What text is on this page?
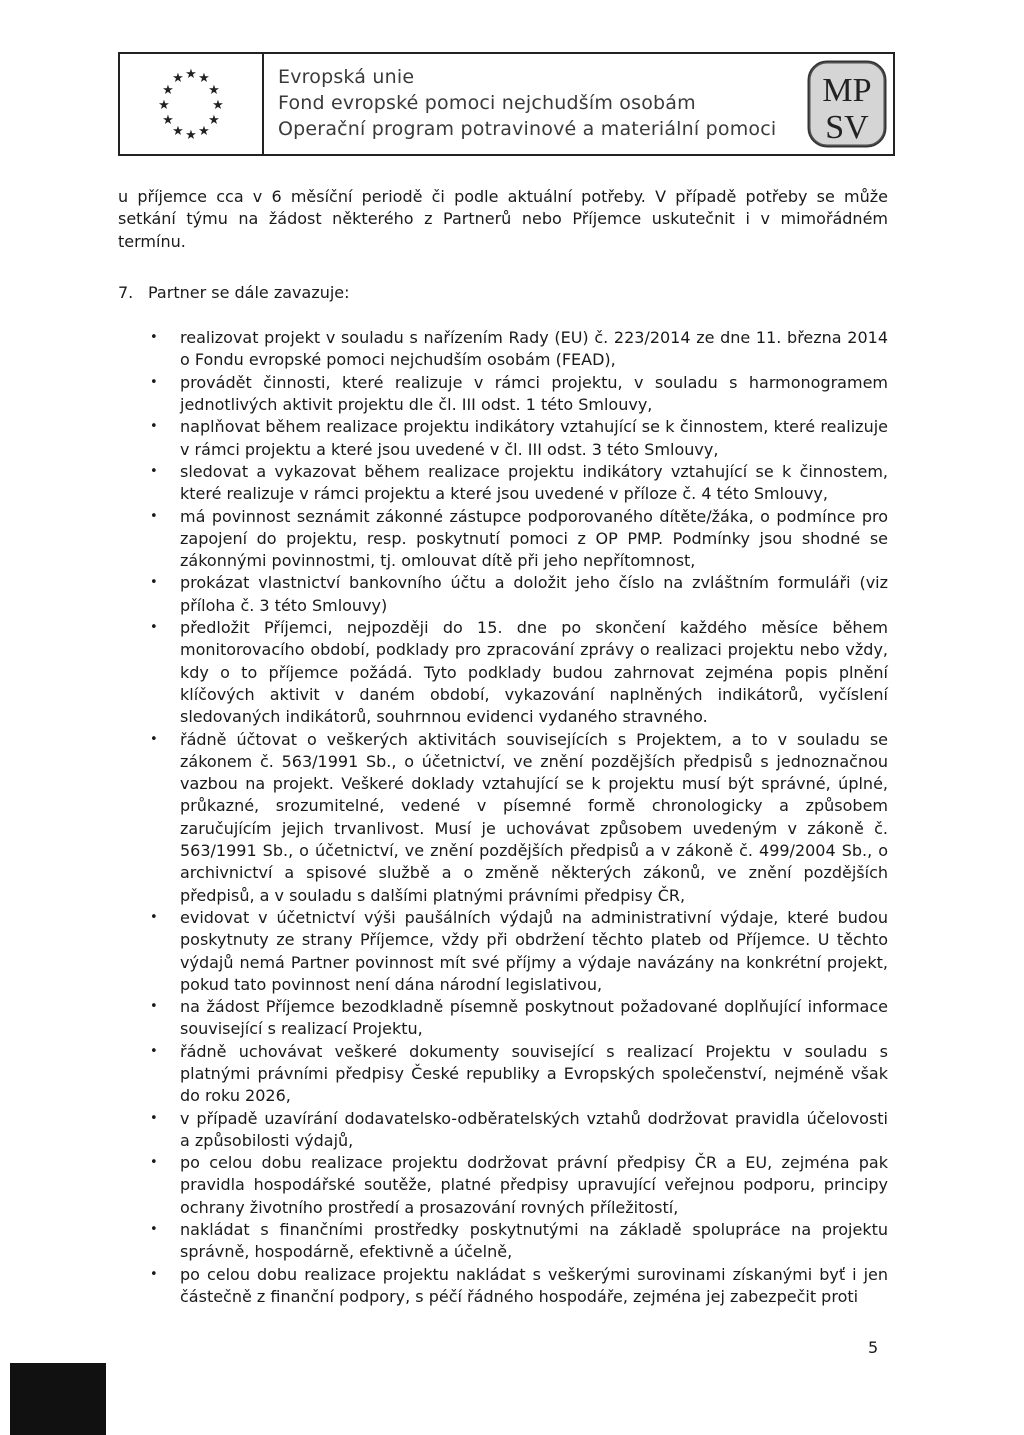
★ ★
★
★
★
★
★
★
★
★
★ ★
Evropská unie
Fond evropské pomoci nejchudším osobám
Operační program potravinové a materiální pomoci
MP
SV

u příjemce cca v 6 měsíční periodě či podle aktuální potřeby. V případě potřeby se může setkání týmu na žádost některého z Partnerů nebo Příjemce uskutečnit i v mimořádném termínu.

7. Partner se dále zavazuje:
• realizovat projekt v souladu s nařízením Rady (EU) č. 223/2014 ze dne 11. března 2014 o Fondu evropské pomoci nejchudším osobám (FEAD),
• provádět činnosti, které realizuje v rámci projektu, v souladu s harmonogramem jednotlivých aktivit projektu dle čl. III odst. 1 této Smlouvy,
• naplňovat během realizace projektu indikátory vztahující se k činnostem, které realizuje v rámci projektu a které jsou uvedené v čl. III odst. 3 této Smlouvy,
• sledovat a vykazovat během realizace projektu indikátory vztahující se k činnostem, které realizuje v rámci projektu a které jsou uvedené v příloze č. 4 této Smlouvy,
• má povinnost seznámit zákonné zástupce podporovaného dítěte/žáka, o podmínce pro zapojení do projektu, resp. poskytnutí pomoci z OP PMP. Podmínky jsou shodné se zákonnými povinnostmi, tj. omlouvat dítě při jeho nepřítomnost,
• prokázat vlastnictví bankovního účtu a doložit jeho číslo na zvláštním formuláři (viz příloha č. 3 této Smlouvy)
• předložit Příjemci, nejpozději do 15. dne po skončení každého měsíce během monitorovacího období, podklady pro zpracování zprávy o realizaci projektu nebo vždy, kdy o to příjemce požádá. Tyto podklady budou zahrnovat zejména popis plnění klíčových aktivit v daném období, vykazování naplněných indikátorů, vyčíslení sledovaných indikátorů, souhrnnou evidenci vydaného stravného.
• řádně účtovat o veškerých aktivitách souvisejících s Projektem, a to v souladu se zákonem č. 563/1991 Sb., o účetnictví, ve znění pozdějších předpisů s jednoznačnou vazbou na projekt. Veškeré doklady vztahující se k projektu musí být správné, úplné, průkazné, srozumitelné, vedené v písemné formě chronologicky a způsobem zaručujícím jejich trvanlivost. Musí je uchovávat způsobem uvedeným v zákoně č. 563/1991 Sb., o účetnictví, ve znění pozdějších předpisů a v zákoně č. 499/2004 Sb., o archivnictví a spisové službě a o změně některých zákonů, ve znění pozdějších předpisů, a v souladu s dalšími platnými právními předpisy ČR,
• evidovat v účetnictví výši paušálních výdajů na administrativní výdaje, které budou poskytnuty ze strany Příjemce, vždy při obdržení těchto plateb od Příjemce. U těchto výdajů nemá Partner povinnost mít své příjmy a výdaje navázány na konkrétní projekt, pokud tato povinnost není dána národní legislativou,
• na žádost Příjemce bezodkladně písemně poskytnout požadované doplňující informace související s realizací Projektu,
• řádně uchovávat veškeré dokumenty související s realizací Projektu v souladu s platnými právními předpisy České republiky a Evropských společenství, nejméně však do roku 2026,
• v případě uzavírání dodavatelsko-odběratelských vztahů dodržovat pravidla účelovosti a způsobilosti výdajů,
• po celou dobu realizace projektu dodržovat právní předpisy ČR a EU, zejména pak pravidla hospodářské soutěže, platné předpisy upravující veřejnou podporu, principy ochrany životního prostředí a prosazování rovných příležitostí,
• nakládat s finančními prostředky poskytnutými na základě spolupráce na projektu správně, hospodárně, efektivně a účelně,
• po celou dobu realizace projektu nakládat s veškerými surovinami získanými byť i jen částečně z finanční podpory, s péčí řádného hospodáře, zejména jej zabezpečit proti
5
